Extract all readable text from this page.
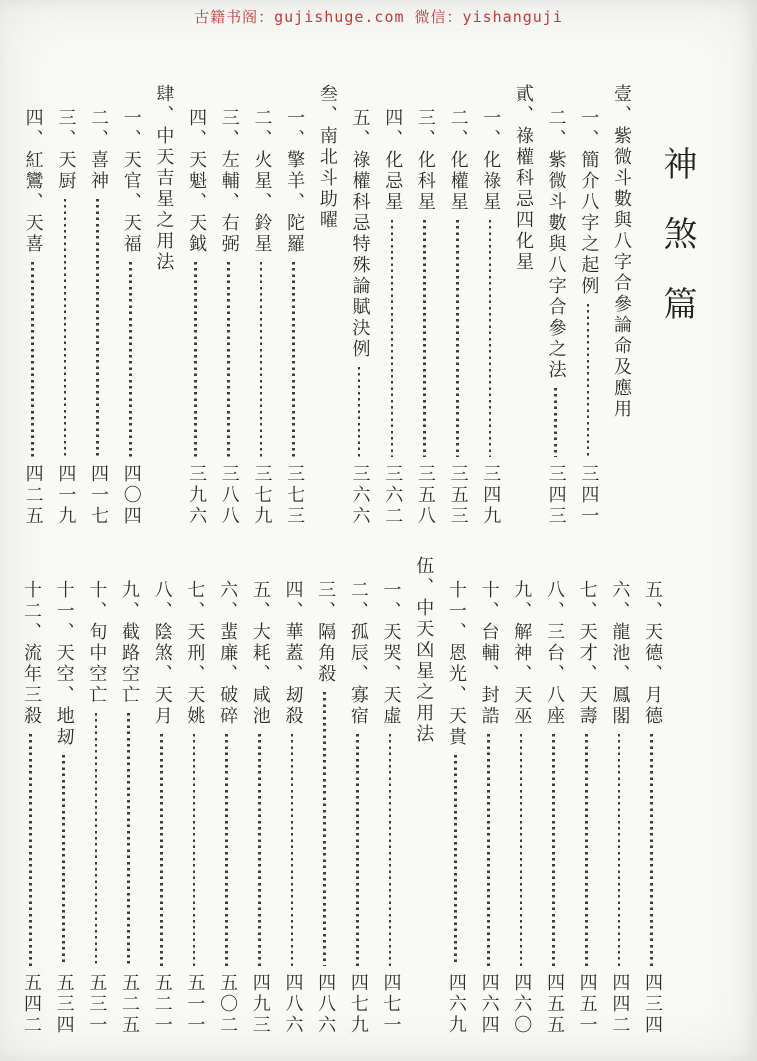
古籍书阁：gujishuge.com 微信：yishanguji
神煞篇
壹、紫微斗數與八字合參論命及應用
一、簡介八字之起例
三四一
二、紫微斗數與八字合參之法
三四三
貳、祿權科忌四化星
一、化祿星
三四九
二、化權星
三五三
三、化科星
三五八
四、化忌星
三六二
五、祿權科忌特殊論賦決例
三六六
叁、南北斗助曜
一、擎羊、陀羅
三七三
二、火星、鈴星
三七九
三、左輔、右弼
三八八
四、天魁、天鉞
三九六
肆、中天吉星之用法
一、天官、天福
四〇四
二、喜神
四一七
三、天厨
四一九
四、紅鸞、天喜
四二五
五、天德、月德
四三四
六、龍池、鳳閣
四四二
七、天才、天壽
四五一
八、三台、八座
四五五
九、解神、天巫
四六〇
十、台輔、封誥
四六四
十一、恩光、天貴
四六九
伍、中天凶星之用法
一、天哭、天虛
四七一
二、孤辰、寡宿
四七九
三、隔角殺
四八六
四、華蓋、刼殺
四八六
五、大耗、咸池
四九三
六、蜚廉、破碎
五〇二
七、天刑、天姚
五一一
八、陰煞、天月
五二一
九、截路空亡
五二五
十、旬中空亡
五三一
十一、天空、地刼
五三四
十二、流年三殺
五四二
